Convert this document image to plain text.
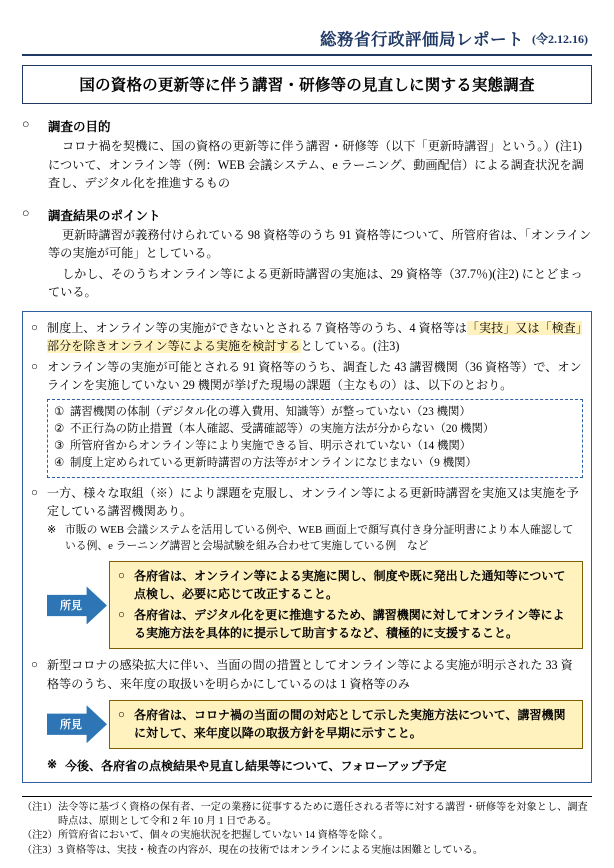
総務省行政評価局レポート (令2.12.16)
国の資格の更新等に伴う講習・研修等の見直しに関する実態調査
○	調査の目的
コロナ禍を契機に、国の資格の更新等に伴う講習・研修等（以下「更新時講習」という。）(注1) について、オンライン等（例：WEB 会議システム、e ラーニング、動画配信）による調査状況を調査し、デジタル化を推進するもの
○	調査結果のポイント
更新時講習が義務付けられている 98 資格等のうち 91 資格等について、所管府省は、「オンライン等の実施が可能」としている。
しかし、そのうちオンライン等による更新時講習の実施は、29 資格等（37.7％)(注2) にとどまっている。
○ 制度上、オンライン等の実施ができないとされる 7 資格等のうち、4 資格等は「実技」又は「検査」部分を除きオンライン等による実施を検討するとしている。(注3)
○ オンライン等の実施が可能とされる 91 資格等のうち、調査した 43 講習機関（36 資格等）で、オンラインを実施していない 29 機関が挙げた現場の課題（主なもの）は、以下のとおり。
① 講習機関の体制（デジタル化の導入費用、知識等）が整っていない（23 機関）
② 不正行為の防止措置（本人確認、受講確認等）の実施方法が分からない（20 機関）
③ 所管府省からオンライン等により実施できる旨、明示されていない（14 機関）
④ 制度上定められている更新時講習の方法等がオンラインになじまない（9 機関）
○ 一方、様々な取組（※）により課題を克服し、オンライン等による更新時講習を実施又は実施を予定している講習機関あり。
※ 市販の WEB 会議システムを活用している例や、WEB 画面上で顔写真付き身分証明書により本人確認している例、e ラーニング講習と会場試験を組み合わせて実施している例　など
所見
○ 各府省は、オンライン等による実施に関し、制度や既に発出した通知等について点検し、必要に応じて改正すること。
○ 各府省は、デジタル化を更に推進するため、講習機関に対してオンライン等による実施方法を具体的に提示して助言するなど、積極的に支援すること。
○ 新型コロナの感染拡大に伴い、当面の間の措置としてオンライン等による実施が明示された 33 資格等のうち、来年度の取扱いを明らかにしているのは 1 資格等のみ
所見
○ 各府省は、コロナ禍の当面の間の対応として示した実施方法について、講習機関に対して、来年度以降の取扱方針を早期に示すこと。
※ 今後、各府省の点検結果や見直し結果等について、フォローアップ予定
（注1） 法令等に基づく資格の保有者、一定の業務に従事するために選任される者等に対する講習・研修等を対象とし、調査時点は、原則として令和 2 年 10 月 1 日である。
（注2） 所管府省において、個々の実施状況を把握していない 14 資格等を除く。
（注3） 3 資格等は、実技・検査の内容が、現在の技術ではオンラインによる実施は困難としている。
